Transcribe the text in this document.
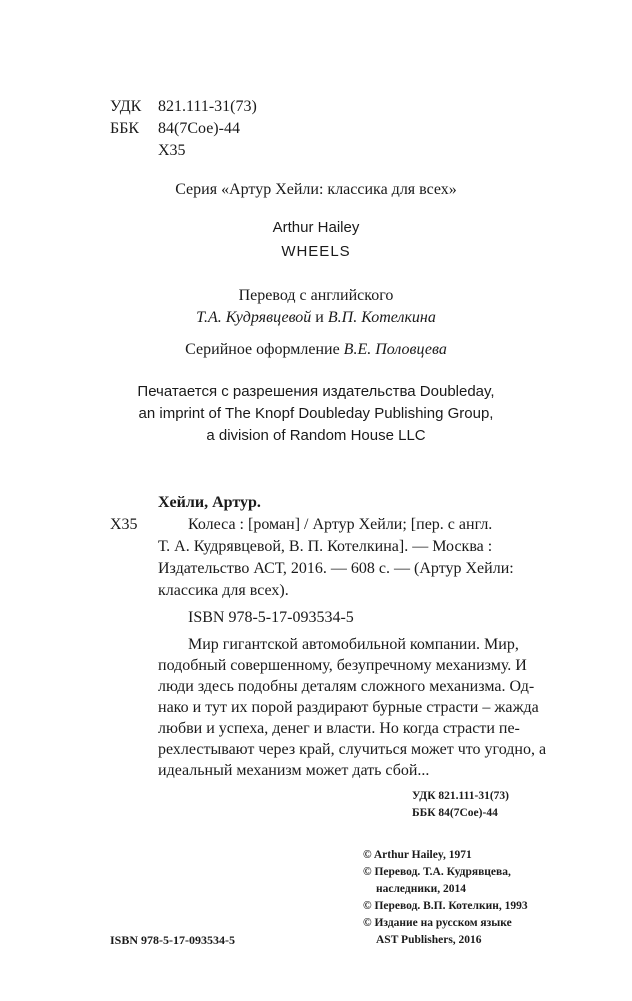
УДК 821.111-31(73)
ББК 84(7Сое)-44
Х35
Серия «Артур Хейли: классика для всех»
Arthur Hailey
WHEELS
Перевод с английского
Т.А. Кудрявцевой и В.П. Котелкина
Серийное оформление В.Е. Половцева
Печатается с разрешения издательства Doubleday,
an imprint of The Knopf Doubleday Publishing Group,
a division of Random House LLC
Хейли, Артур.
Х35	Колеса : [роман] / Артур Хейли; [пер. с англ.
Т. А. Кудрявцевой, В. П. Котелкина]. — Москва :
Издательство АСТ, 2016. — 608 с. — (Артур Хейли:
классика для всех).
ISBN 978-5-17-093534-5
Мир гигантской автомобильной компании. Мир,
подобный совершенному, безупречному механизму. И
люди здесь подобны деталям сложного механизма. Од-
нако и тут их порой раздирают бурные страсти – жажда
любви и успеха, денег и власти. Но когда страсти пе-
рехлестывают через край, случиться может что угодно, а
идеальный механизм может дать сбой...
УДК 821.111-31(73)
ББК 84(7Сое)-44
© Arthur Hailey, 1971
© Перевод. Т.А. Кудрявцева,
наследники, 2014
© Перевод. В.П. Котелкин, 1993
© Издание на русском языке
AST Publishers, 2016
ISBN 978-5-17-093534-5
